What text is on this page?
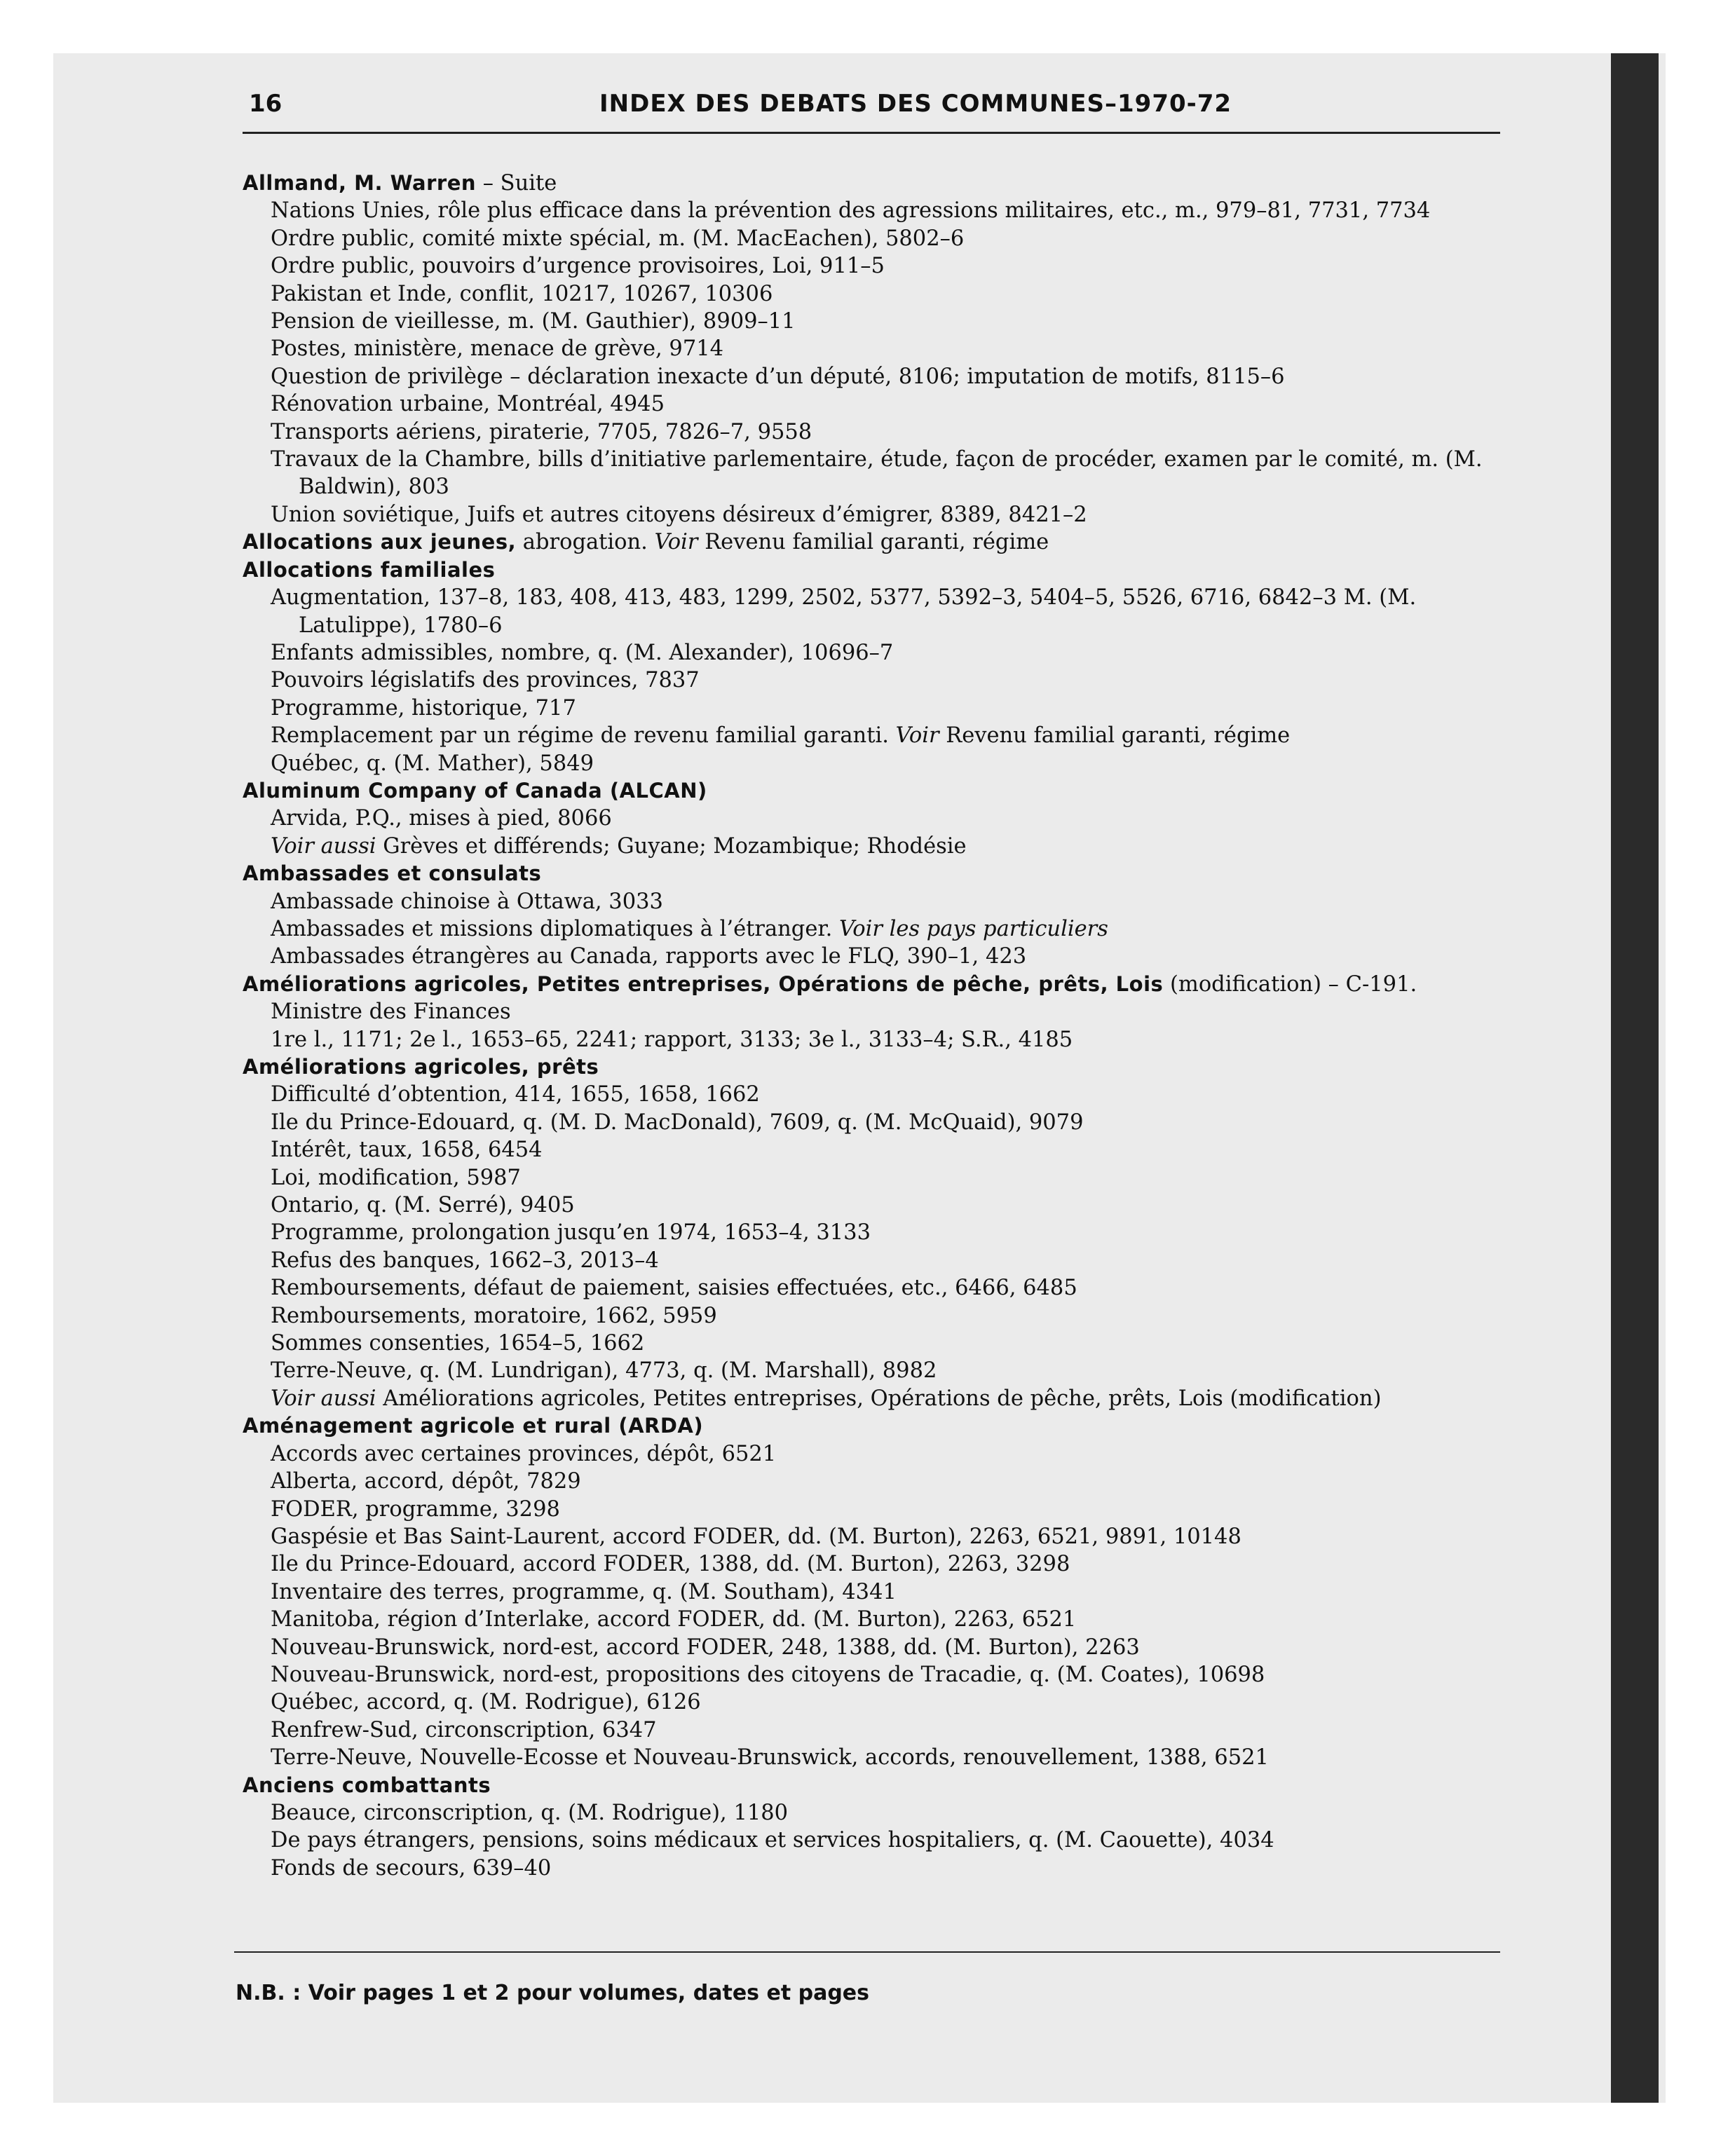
16	INDEX DES DEBATS DES COMMUNES–1970-72
Allmand, M. Warren – Suite
Nations Unies, rôle plus efficace dans la prévention des agressions militaires, etc., m., 979–81, 7731, 7734
Ordre public, comité mixte spécial, m. (M. MacEachen), 5802–6
Ordre public, pouvoirs d’urgence provisoires, Loi, 911–5
Pakistan et Inde, conflit, 10217, 10267, 10306
Pension de vieillesse, m. (M. Gauthier), 8909–11
Postes, ministère, menace de grève, 9714
Question de privilège – déclaration inexacte d’un député, 8106; imputation de motifs, 8115–6
Rénovation urbaine, Montréal, 4945
Transports aériens, piraterie, 7705, 7826–7, 9558
Travaux de la Chambre, bills d’initiative parlementaire, étude, façon de procéder, examen par le comité, m. (M. Baldwin), 803
Union soviétique, Juifs et autres citoyens désireux d’émigrer, 8389, 8421–2
Allocations aux jeunes, abrogation. Voir Revenu familial garanti, régime
Allocations familiales
Augmentation, 137–8, 183, 408, 413, 483, 1299, 2502, 5377, 5392–3, 5404–5, 5526, 6716, 6842–3 M. (M. Latulippe), 1780–6
Enfants admissibles, nombre, q. (M. Alexander), 10696–7
Pouvoirs législatifs des provinces, 7837
Programme, historique, 717
Remplacement par un régime de revenu familial garanti. Voir Revenu familial garanti, régime
Québec, q. (M. Mather), 5849
Aluminum Company of Canada (ALCAN)
Arvida, P.Q., mises à pied, 8066
Voir aussi Grèves et différends; Guyane; Mozambique; Rhodésie
Ambassades et consulats
Ambassade chinoise à Ottawa, 3033
Ambassades et missions diplomatiques à l’étranger. Voir les pays particuliers
Ambassades étrangères au Canada, rapports avec le FLQ, 390–1, 423
Améliorations agricoles, Petites entreprises, Opérations de pêche, prêts, Lois (modification) – C-191.
Ministre des Finances
1re l., 1171; 2e l., 1653–65, 2241; rapport, 3133; 3e l., 3133–4; S.R., 4185
Améliorations agricoles, prêts
Difficulté d’obtention, 414, 1655, 1658, 1662
Ile du Prince-Edouard, q. (M. D. MacDonald), 7609, q. (M. McQuaid), 9079
Intérêt, taux, 1658, 6454
Loi, modification, 5987
Ontario, q. (M. Serré), 9405
Programme, prolongation jusqu’en 1974, 1653–4, 3133
Refus des banques, 1662–3, 2013–4
Remboursements, défaut de paiement, saisies effectuées, etc., 6466, 6485
Remboursements, moratoire, 1662, 5959
Sommes consenties, 1654–5, 1662
Terre-Neuve, q. (M. Lundrigan), 4773, q. (M. Marshall), 8982
Voir aussi Améliorations agricoles, Petites entreprises, Opérations de pêche, prêts, Lois (modification)
Aménagement agricole et rural (ARDA)
Accords avec certaines provinces, dépôt, 6521
Alberta, accord, dépôt, 7829
FODER, programme, 3298
Gaspésie et Bas Saint-Laurent, accord FODER, dd. (M. Burton), 2263, 6521, 9891, 10148
Ile du Prince-Edouard, accord FODER, 1388, dd. (M. Burton), 2263, 3298
Inventaire des terres, programme, q. (M. Southam), 4341
Manitoba, région d’Interlake, accord FODER, dd. (M. Burton), 2263, 6521
Nouveau-Brunswick, nord-est, accord FODER, 248, 1388, dd. (M. Burton), 2263
Nouveau-Brunswick, nord-est, propositions des citoyens de Tracadie, q. (M. Coates), 10698
Québec, accord, q. (M. Rodrigue), 6126
Renfrew-Sud, circonscription, 6347
Terre-Neuve, Nouvelle-Ecosse et Nouveau-Brunswick, accords, renouvellement, 1388, 6521
Anciens combattants
Beauce, circonscription, q. (M. Rodrigue), 1180
De pays étrangers, pensions, soins médicaux et services hospitaliers, q. (M. Caouette), 4034
Fonds de secours, 639–40
N.B. : Voir pages 1 et 2 pour volumes, dates et pages
